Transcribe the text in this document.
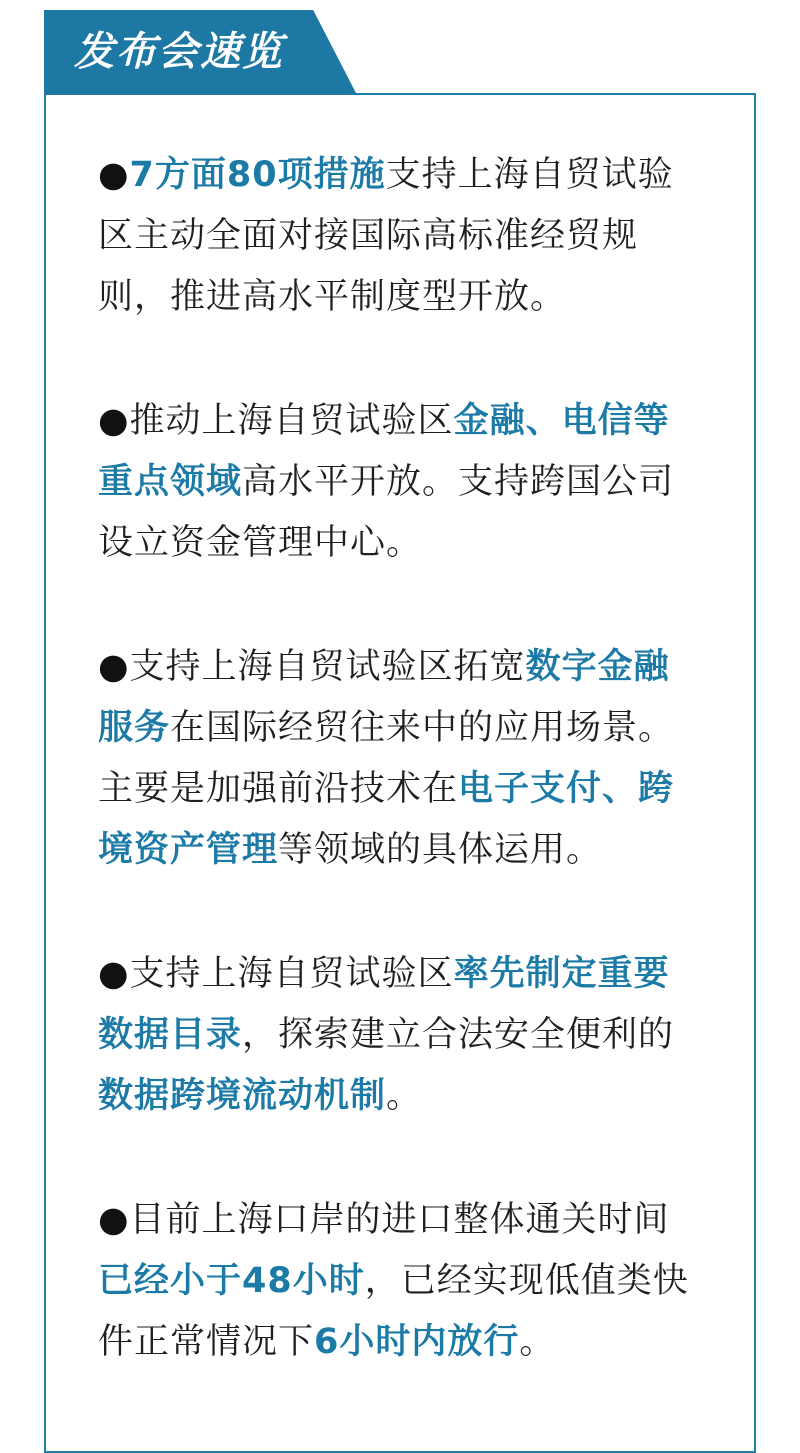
发布会速览

●7方面80项措施支持上海自贸试验区主动全面对接国际高标准经贸规则，推进高水平制度型开放。

●推动上海自贸试验区金融、电信等重点领域高水平开放。支持跨国公司设立资金管理中心。

●支持上海自贸试验区拓宽数字金融服务在国际经贸往来中的应用场景。主要是加强前沿技术在电子支付、跨境资产管理等领域的具体运用。

●支持上海自贸试验区率先制定重要数据目录，探索建立合法安全便利的数据跨境流动机制。

●目前上海口岸的进口整体通关时间已经小于48小时，已经实现低值类快件正常情况下6小时内放行。
